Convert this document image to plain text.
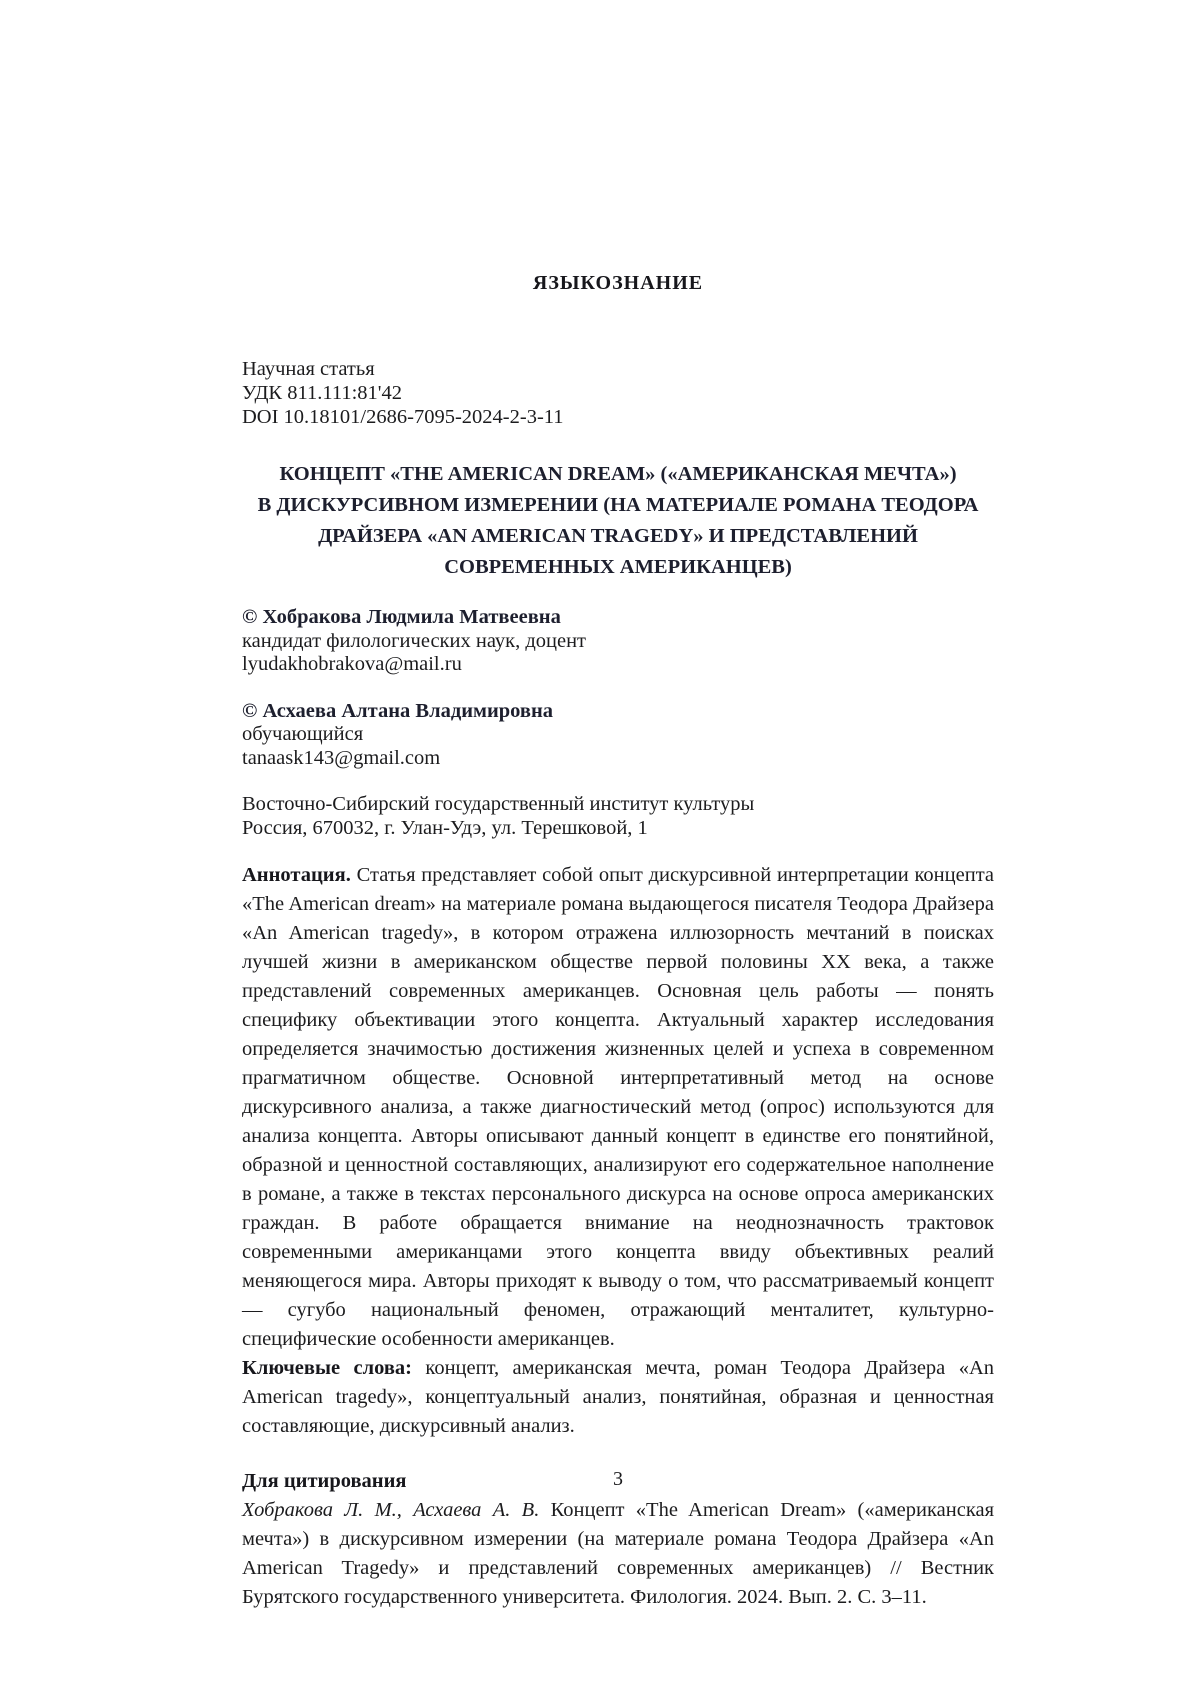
ЯЗЫКОЗНАНИЕ
Научная статья
УДК 811.111:81'42
DOI 10.18101/2686-7095-2024-2-3-11
КОНЦЕПТ «THE AMERICAN DREAM» («АМЕРИКАНСКАЯ МЕЧТА»)
В ДИСКУРСИВНОМ ИЗМЕРЕНИИ (НА МАТЕРИАЛЕ РОМАНА ТЕОДОРА
ДРАЙЗЕРА «AN AMERICAN TRAGEDY» И ПРЕДСТАВЛЕНИЙ
СОВРЕМЕННЫХ АМЕРИКАНЦЕВ)
© Хобракова Людмила Матвеевна
кандидат филологических наук, доцент
lyudakhobrakova@mail.ru
© Асхаева Алтана Владимировна
обучающийся
tanaask143@gmail.com
Восточно-Сибирский государственный институт культуры
Россия, 670032, г. Улан-Удэ, ул. Терешковой, 1

Аннотация. Статья представляет собой опыт дискурсивной интерпретации концепта «The American dream» на материале романа выдающегося писателя Теодора Драйзера «An American tragedy», в котором отражена иллюзорность мечтаний в поисках лучшей жизни в американском обществе первой половины XX века, а также представлений современных американцев. Основная цель работы — понять специфику объективации этого концепта. Актуальный характер исследования определяется значимостью достижения жизненных целей и успеха в современном прагматичном обществе. Основной интерпретативный метод на основе дискурсивного анализа, а также диагностический метод (опрос) используются для анализа концепта. Авторы описывают данный концепт в единстве его понятийной, образной и ценностной составляющих, анализируют его содержательное наполнение в романе, а также в текстах персонального дискурса на основе опроса американских граждан. В работе обращается внимание на неоднозначность трактовок современными американцами этого концепта ввиду объективных реалий меняющегося мира. Авторы приходят к выводу о том, что рассматриваемый концепт — сугубо национальный феномен, отражающий менталитет, культурно-специфические особенности американцев.

Ключевые слова: концепт, американская мечта, роман Теодора Драйзера «An American tragedy», концептуальный анализ, понятийная, образная и ценностная составляющие, дискурсивный анализ.

Для цитирования

Хобракова Л. М., Асхаева А. В. Концепт «The American Dream» («американская мечта») в дискурсивном измерении (на материале романа Теодора Драйзера «An American Tragedy» и представлений современных американцев) // Вестник Бурятского государственного университета. Филология. 2024. Вып. 2. С. 3–11.

3
